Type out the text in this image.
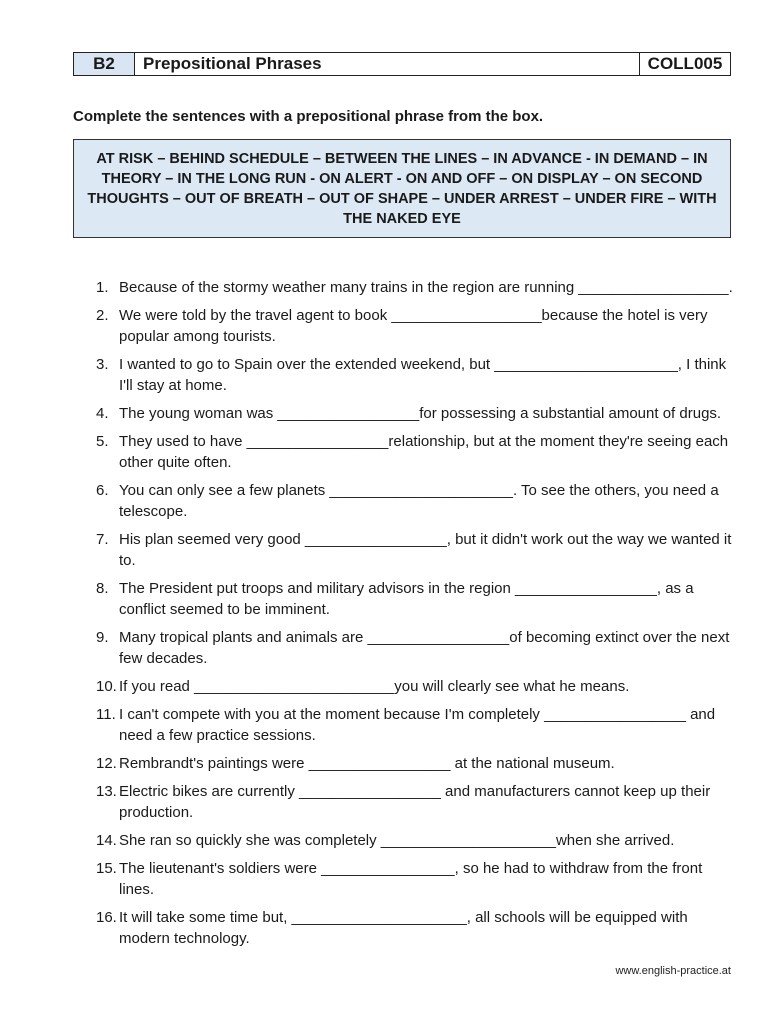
B2	Prepositional Phrases	COLL005
Complete the sentences with a prepositional phrase from the box.
AT RISK – BEHIND SCHEDULE – BETWEEN THE LINES – IN ADVANCE - IN DEMAND – IN THEORY – IN THE LONG RUN - ON ALERT - ON AND OFF – ON DISPLAY – ON SECOND THOUGHTS – OUT OF BREATH – OUT OF SHAPE – UNDER ARREST – UNDER FIRE – WITH THE NAKED EYE
1. Because of the stormy weather many trains in the region are running __________________.
2. We were told by the travel agent to book __________________because the hotel is very popular among tourists.
3. I wanted to go to Spain over the extended weekend, but ______________________, I think I'll stay at home.
4. The young woman was _________________for possessing a substantial amount of drugs.
5. They used to have _________________relationship, but at the moment they're seeing each other quite often.
6. You can only see a few planets ______________________. To see the others, you need a telescope.
7. His plan seemed very good _________________, but it didn't work out the way we wanted it to.
8. The President put troops and military advisors in the region _________________, as a conflict seemed to be imminent.
9. Many tropical plants and animals are _________________of becoming extinct over the next few decades.
10. If you read ________________________you will clearly see what he means.
11. I can't compete with you at the moment because I'm completely _________________ and need a few practice sessions.
12. Rembrandt's paintings were _________________ at the national museum.
13. Electric bikes are currently _________________ and manufacturers cannot keep up their production.
14. She ran so quickly she was completely _____________________when she arrived.
15. The lieutenant's soldiers were ________________, so he had to withdraw from the front lines.
16. It will take some time but, _____________________, all schools will be equipped with modern technology.
www.english-practice.at
